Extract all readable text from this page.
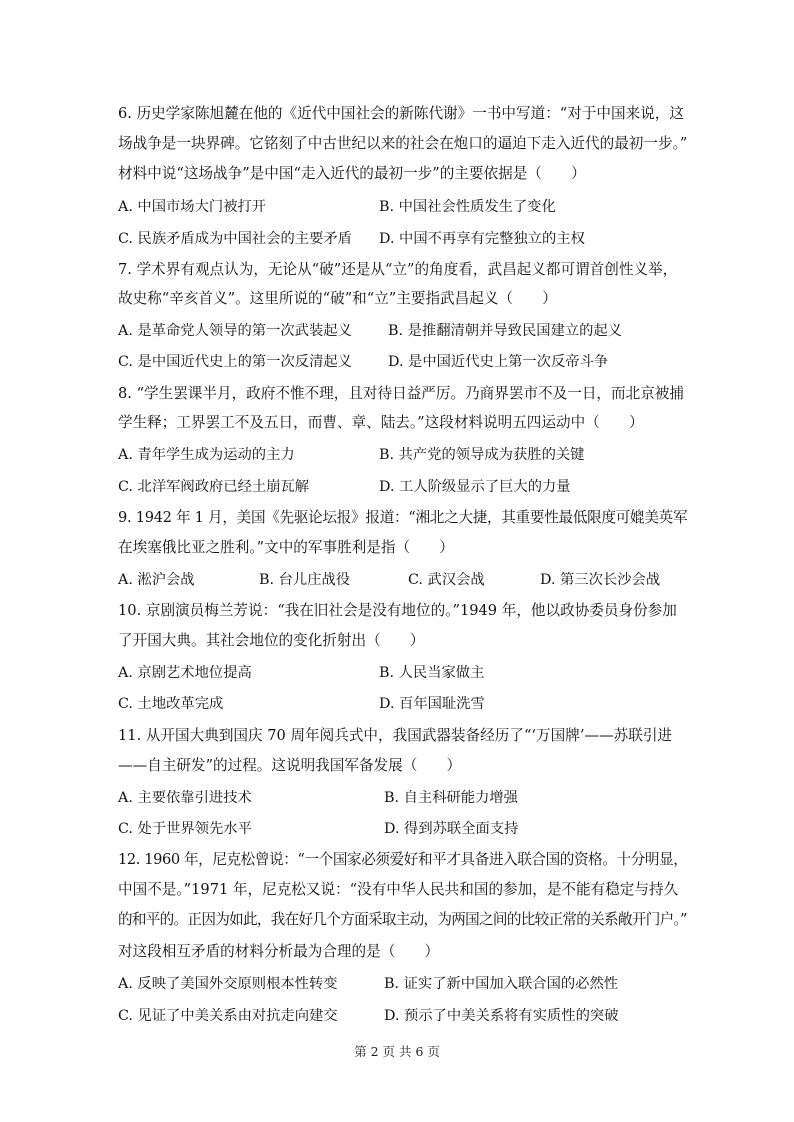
6. 历史学家陈旭麓在他的《近代中国社会的新陈代谢》一书中写道：“对于中国来说，这
场战争是一块界碑。它铭刻了中古世纪以来的社会在炮口的逼迫下走入近代的最初一步。”
材料中说“这场战争”是中国“走入近代的最初一步”的主要依据是（　　）
A. 中国市场大门被打开	B. 中国社会性质发生了变化
C. 民族矛盾成为中国社会的主要矛盾 D. 中国不再享有完整独立的主权
7. 学术界有观点认为，无论从“破”还是从“立”的角度看，武昌起义都可谓首创性义举，
故史称“辛亥首义”。这里所说的“破”和“立”主要指武昌起义（　　）
A. 是革命党人领导的第一次武装起义	B. 是推翻清朝并导致民国建立的起义
C. 是中国近代史上的第一次反清起义	D. 是中国近代史上第一次反帝斗争
8. “学生罢课半月，政府不惟不理，且对待日益严厉。乃商界罢市不及一日，而北京被捕
学生释；工界罢工不及五日，而曹、章、陆去。”这段材料说明五四运动中（　　）
A. 青年学生成为运动的主力	B. 共产党的领导成为获胜的关键
C. 北洋军阀政府已经土崩瓦解	D. 工人阶级显示了巨大的力量
9. 1942 年 1 月，美国《先驱论坛报》报道：“湘北之大捷，其重要性最低限度可媲美英军
在埃塞俄比亚之胜利。”文中的军事胜利是指（　　）
A. 淞沪会战	B. 台儿庄战役	C. 武汉会战	D. 第三次长沙会战
10. 京剧演员梅兰芳说：“我在旧社会是没有地位的。”1949 年，他以政协委员身份参加
了开国大典。其社会地位的变化折射出（　　）
A. 京剧艺术地位提高	B. 人民当家做主
C. 土地改革完成	D. 百年国耻洗雪
11. 从开国大典到国庆 70 周年阅兵式中，我国武器装备经历了“‘万国牌’——苏联引进
——自主研发”的过程。这说明我国军备发展（　　）
A. 主要依靠引进技术	B. 自主科研能力增强
C. 处于世界领先水平	D. 得到苏联全面支持
12. 1960 年，尼克松曾说：“一个国家必须爱好和平才具备进入联合国的资格。十分明显，
中国不是。”1971 年，尼克松又说：“没有中华人民共和国的参加，是不能有稳定与持久
的和平的。正因为如此，我在好几个方面采取主动，为两国之间的比较正常的关系敞开门户。”
对这段相互矛盾的材料分析最为合理的是（　　）
A. 反映了美国外交原则根本性转变	B. 证实了新中国加入联合国的必然性
C. 见证了中美关系由对抗走向建交	D. 预示了中美关系将有实质性的突破
第 2 页 共 6 页
